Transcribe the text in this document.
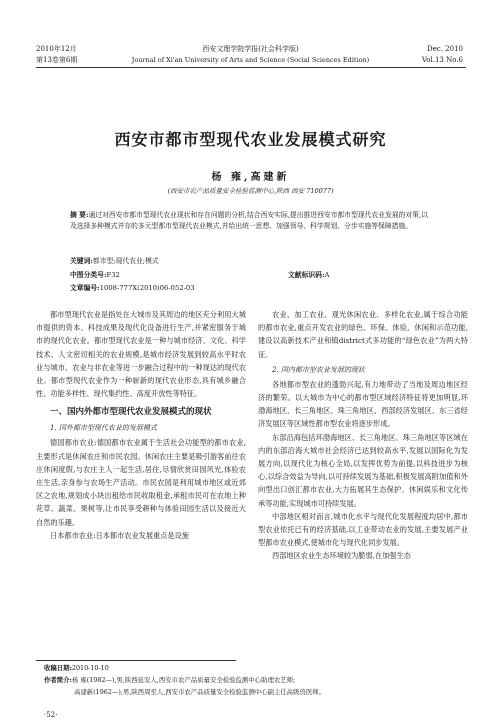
2010年12月
第13卷第6期
西安文理学院学报(社会科学版)
Journal of Xi'an University of Arts and Science (Social Sciences Edition)
Dec. 2010
Vol.13 No.6
西安市都市型现代农业发展模式研究
杨 雍,高建新
(西安市农产品质量安全检验监测中心,陕西 西安 710077)
摘 要:通过对西安市都市型现代农业现状和存在问题的分析,结合西安实际,提出推进西安市都市型现代农业发展的对策,以及选择多种模式并存的多元型都市型现代农业模式,并给出统一思想、加强领导、科学规划、分步实施等保障措施。
关键词:都市型;现代农业;模式
中图分类号:F32	文献标识码:A
文章编号:1008-777X(2010)06-052-03

都市型现代农业是指处在大城市及其周边的地区充分利用大城市提供的资本、科技成果及现代化设备进行生产,并紧密服务于城市的现代化农业。都市型现代农业是一种与城市经济、文化、科学技术、人文密切相关的农业规模,是城市经济发展到较高水平时农业与城市、农业与非农业等进一步融合过程中的一种现达的现代农业。都市型现代农业作为一种崭新的现代农业形态,具有城乡融合性、功能多样性、现代集约性、高度开放性等特征。

一、国内外都市型现代农业发展模式的现状
1. 国外都市型现代农业的发展模式

德国都市农业:德国都市农业属于生活社会功能型的都市农业,主要形式是休闲农庄和市民农园。休闲农庄主要是吸引游客前往农庄休闲度假,与农庄主人一起生活,居住,尽情欣赏田园风光,体验农庄生活,亲身参与农场生产活动。市民农园是利用城市地区或近郊区之农地,规划成小块出租给市民收取租金,承租市民可在农地上种花草、蔬菜、果树等,让市民享受耕种与体验田园生活以及接近大自然的乐趣。

日本都市农业:日本都市农业发展重点是设施

农业、加工农业、观光休闲农业、多样化农业,属于综合功能的都市农业,重点开发农业的绿色、环保、体验、休闲和示范功能,建设以高新技术产业和镇district式多功能的“绿色农业”为两大特征。

2. 国内都市型农业发展的现状

各地都市型农业的蓬勃兴起,有力地带动了当地及周边地区经济的繁荣。以大城市为中心的都市型区域经济特征将更加明显,环渤海地区、长三角地区、珠三角地区、西部经济发展区、东三省经济发展区等区域性都市型农业将逐步形成。

东部沿海包括环渤海地区、长三角地区、珠三角地区等区域在内的东部沿海大城市社会经济已达到较高水平,发展以国际化为发展方向,以现代化为核心全局,以发挥优势为前提,以科技进步为核心,以综合效益为导向,以可持续发展为基础,积极发展高附加值和外向型出口创汇都市农业,大力拓展其生态保护、休闲娱乐和文化传承等功能,实现城市可持续发展。

中部地区相对而言,城市化水平与现代化发展程度均居中,都市型农业依托已有的经济基础,以工业带动农业的发展,主要发展产业型都市农业模式,使城市化与现代化同步发展。

西部地区农业生态环境较为脆弱,在加强生态

收稿日期:2010-10-10
作者简介:杨 雍(1982—),男,陕西延安人,西安市农产品质量安全检验监测中心助理农艺师;
高建新(1962—),男,陕西周至人,西安市农产品质量安全检验监测中心副主任高级兽医师。
·52·
